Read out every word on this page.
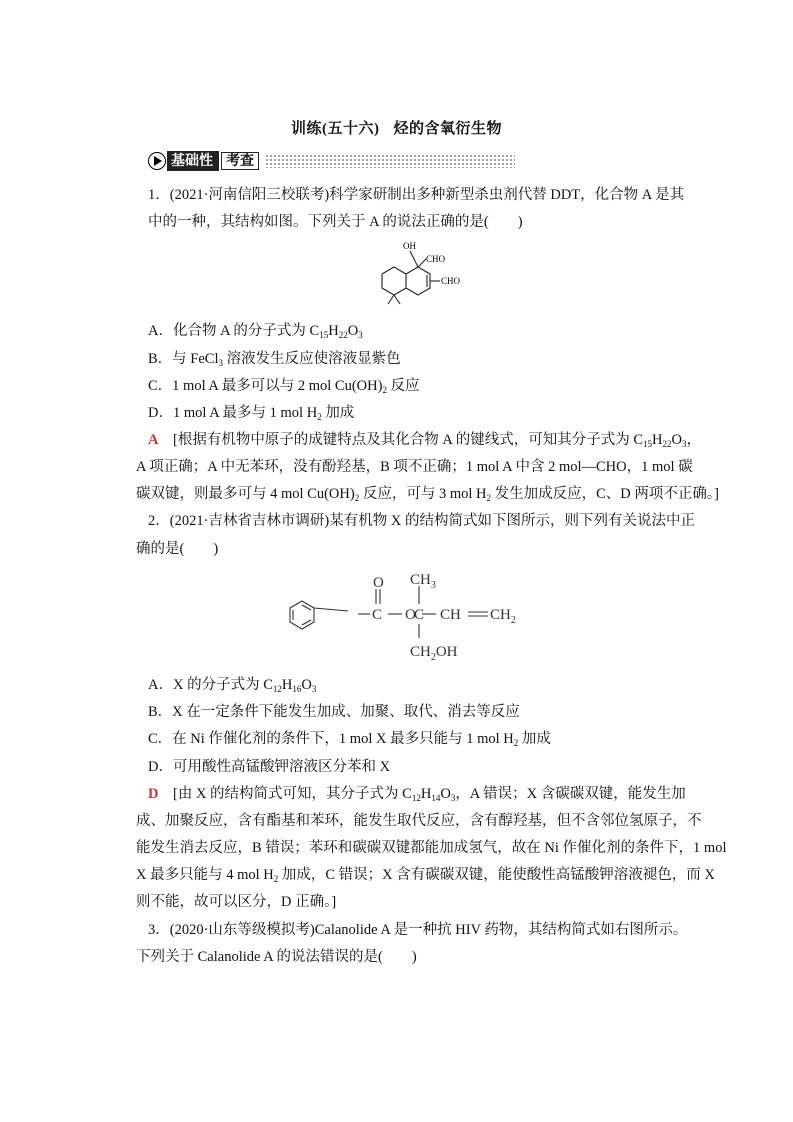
训练(五十六) 烃的含氧衍生物
基础性 考查
1．(2021·河南信阳三校联考)科学家研制出多种新型杀虫剂代替 DDT，化合物 A 是其
中的一种，其结构如图。下列关于 A 的说法正确的是(　　)
OH
CHO
CHO
A．化合物 A 的分子式为 $C_{15}H_{22}O_3$
B．与 FeCl$_3$ 溶液发生反应使溶液显紫色
C．1 mol A 最多可以与 2 mol $Cu(OH)_2$ 反应
D．1 mol A 最多与 1 mol $H_2$ 加成
A　 [根据有机物中原子的成键特点及其化合物 A 的键线式，可知其分子式为 $C_{15}H_{22}O_3$，
A 项正确；A 中无苯环，没有酚羟基，B 项不正确；1 mol A 中含 2 mol—CHO，1 mol 碳
碳双键，则最多可与 4 mol $Cu(OH)_2$ 反应，可与 3 mol $H_2$ 发生加成反应，C、D 两项不正确。]
2．(2021·吉林省吉林市调研)某有机物 X 的结构简式如下图所示，则下列有关说法中正
确的是(　　)
O
C O
C
$CH_3$
CH $CH_2$
$CH_2OH$
A．X 的分子式为 $C_{12}H_{16}O_3$
B．X 在一定条件下能发生加成、加聚、取代、消去等反应
C．在 Ni 作催化剂的条件下，1 mol X 最多只能与 1 mol $H_2$ 加成
D．可用酸性高锰酸钾溶液区分苯和 X
D　 [由 X 的结构简式可知，其分子式为 $C_{12}H_{14}O_3$，A 错误；X 含碳碳双键，能发生加
成、加聚反应，含有酯基和苯环，能发生取代反应，含有醇羟基，但不含邻位氢原子，不
能发生消去反应，B 错误；苯环和碳碳双键都能加成氢气，故在 Ni 作催化剂的条件下，1 mol
X 最多只能与 4 mol $H_2$ 加成，C 错误；X 含有碳碳双键，能使酸性高锰酸钾溶液褪色，而 X
则不能，故可以区分，D 正确。]
3．(2020·山东等级模拟考)Calanolide A 是一种抗 HIV 药物，其结构简式如右图所示。
下列关于 Calanolide A 的说法错误的是(　　)
